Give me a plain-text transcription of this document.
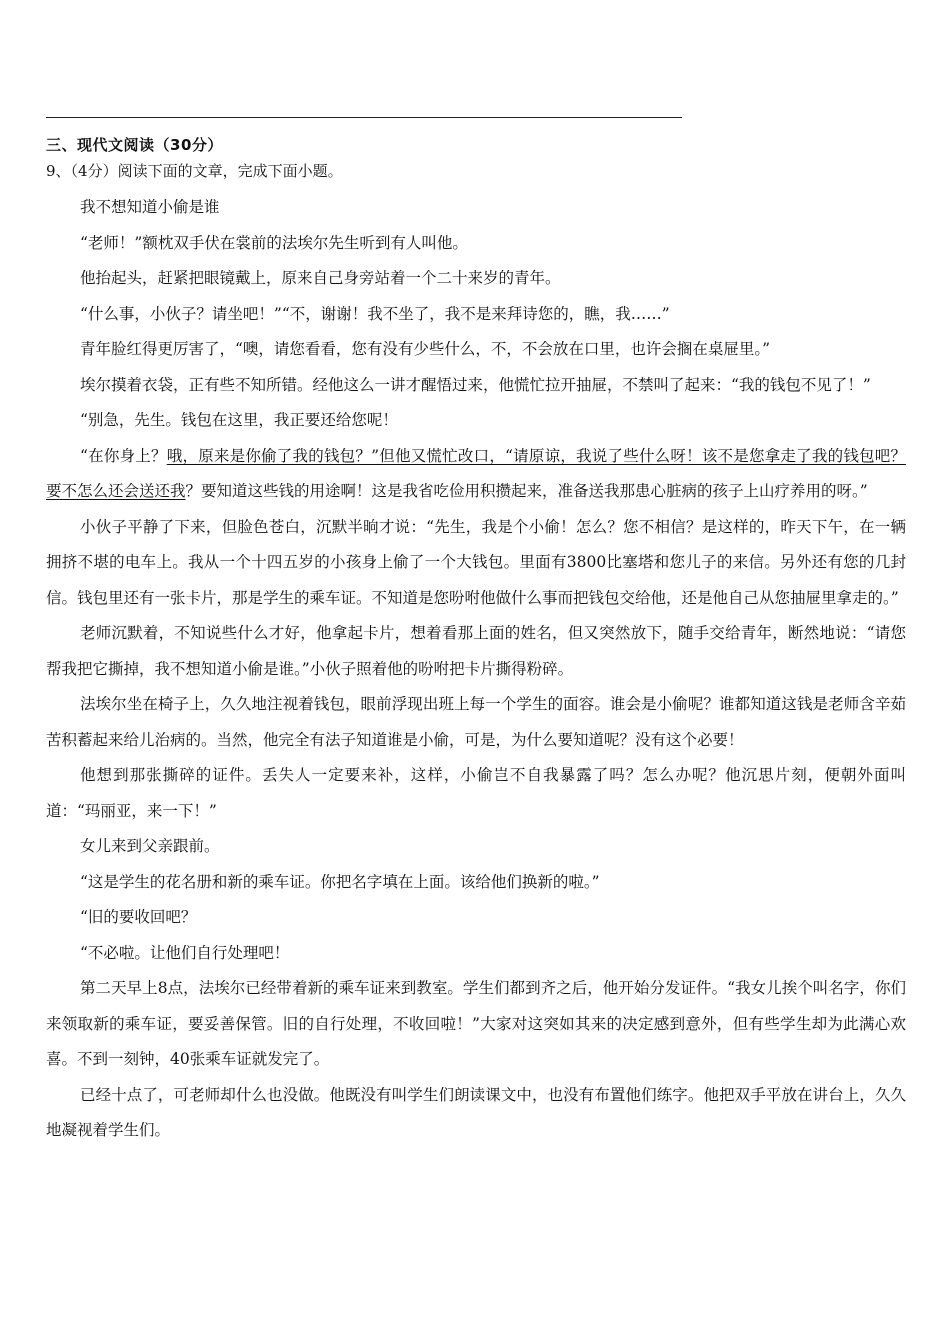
三、现代文阅读（30分）
9、（4分）阅读下面的文章，完成下面小题。

我不想知道小偷是谁

“老师！”额枕双手伏在裳前的法埃尔先生听到有人叫他。

他抬起头，赶紧把眼镜戴上，原来自己身旁站着一个二十来岁的青年。

“什么事，小伙子？请坐吧！”“不，谢谢！我不坐了，我不是来拜诗您的，瞧，我……”

青年脸红得更厉害了，“噢，请您看看，您有没有少些什么，不，不会放在口里，也许会搁在桌屉里。”

埃尔摸着衣袋，正有些不知所错。经他这么一讲才醒悟过来，他慌忙拉开抽屉，不禁叫了起来：“我的钱包不见了！”

“别急，先生。钱包在这里，我正要还给您呢！

“在你身上？哦，原来是你偷了我的钱包？”但他又慌忙改口，“请原谅，我说了些什么呀！该不是您拿走了我的钱包吧？要不怎么还会送还我？要知道这些钱的用途啊！这是我省吃俭用积攒起来，准备送我那患心脏病的孩子上山疗养用的呀。”

小伙子平静了下来，但脸色苍白，沉默半晌才说：“先生，我是个小偷！怎么？您不相信？是这样的，昨天下午，在一辆拥挤不堪的电车上。我从一个十四五岁的小孩身上偷了一个大钱包。里面有3800比塞塔和您儿子的来信。另外还有您的几封信。钱包里还有一张卡片，那是学生的乘车证。不知道是您吩咐他做什么事而把钱包交给他，还是他自己从您抽屉里拿走的。”

老师沉默着，不知说些什么才好，他拿起卡片，想着看那上面的姓名，但又突然放下，随手交给青年，断然地说：“请您帮我把它撕掉，我不想知道小偷是谁。”小伙子照着他的吩咐把卡片撕得粉碎。

法埃尔坐在椅子上，久久地注视着钱包，眼前浮现出班上每一个学生的面容。谁会是小偷呢？谁都知道这钱是老师含辛茹苦积蓄起来给儿治病的。当然，他完全有法子知道谁是小偷，可是，为什么要知道呢？没有这个必要！

他想到那张撕碎的证件。丢失人一定要来补，这样，小偷岂不自我暴露了吗？怎么办呢？他沉思片刻，便朝外面叫道：“玛丽亚，来一下！”

女儿来到父亲跟前。

“这是学生的花名册和新的乘车证。你把名字填在上面。该给他们换新的啦。”

“旧的要收回吧？

“不必啦。让他们自行处理吧！

第二天早上8点，法埃尔已经带着新的乘车证来到教室。学生们都到齐之后，他开始分发证件。“我女儿挨个叫名字，你们来领取新的乘车证，要妥善保管。旧的自行处理，不收回啦！”大家对这突如其来的决定感到意外，但有些学生却为此满心欢喜。不到一刻钟，40张乘车证就发完了。

已经十点了，可老师却什么也没做。他既没有叫学生们朗读课文中，也没有布置他们练字。他把双手平放在讲台上，久久地凝视着学生们。
